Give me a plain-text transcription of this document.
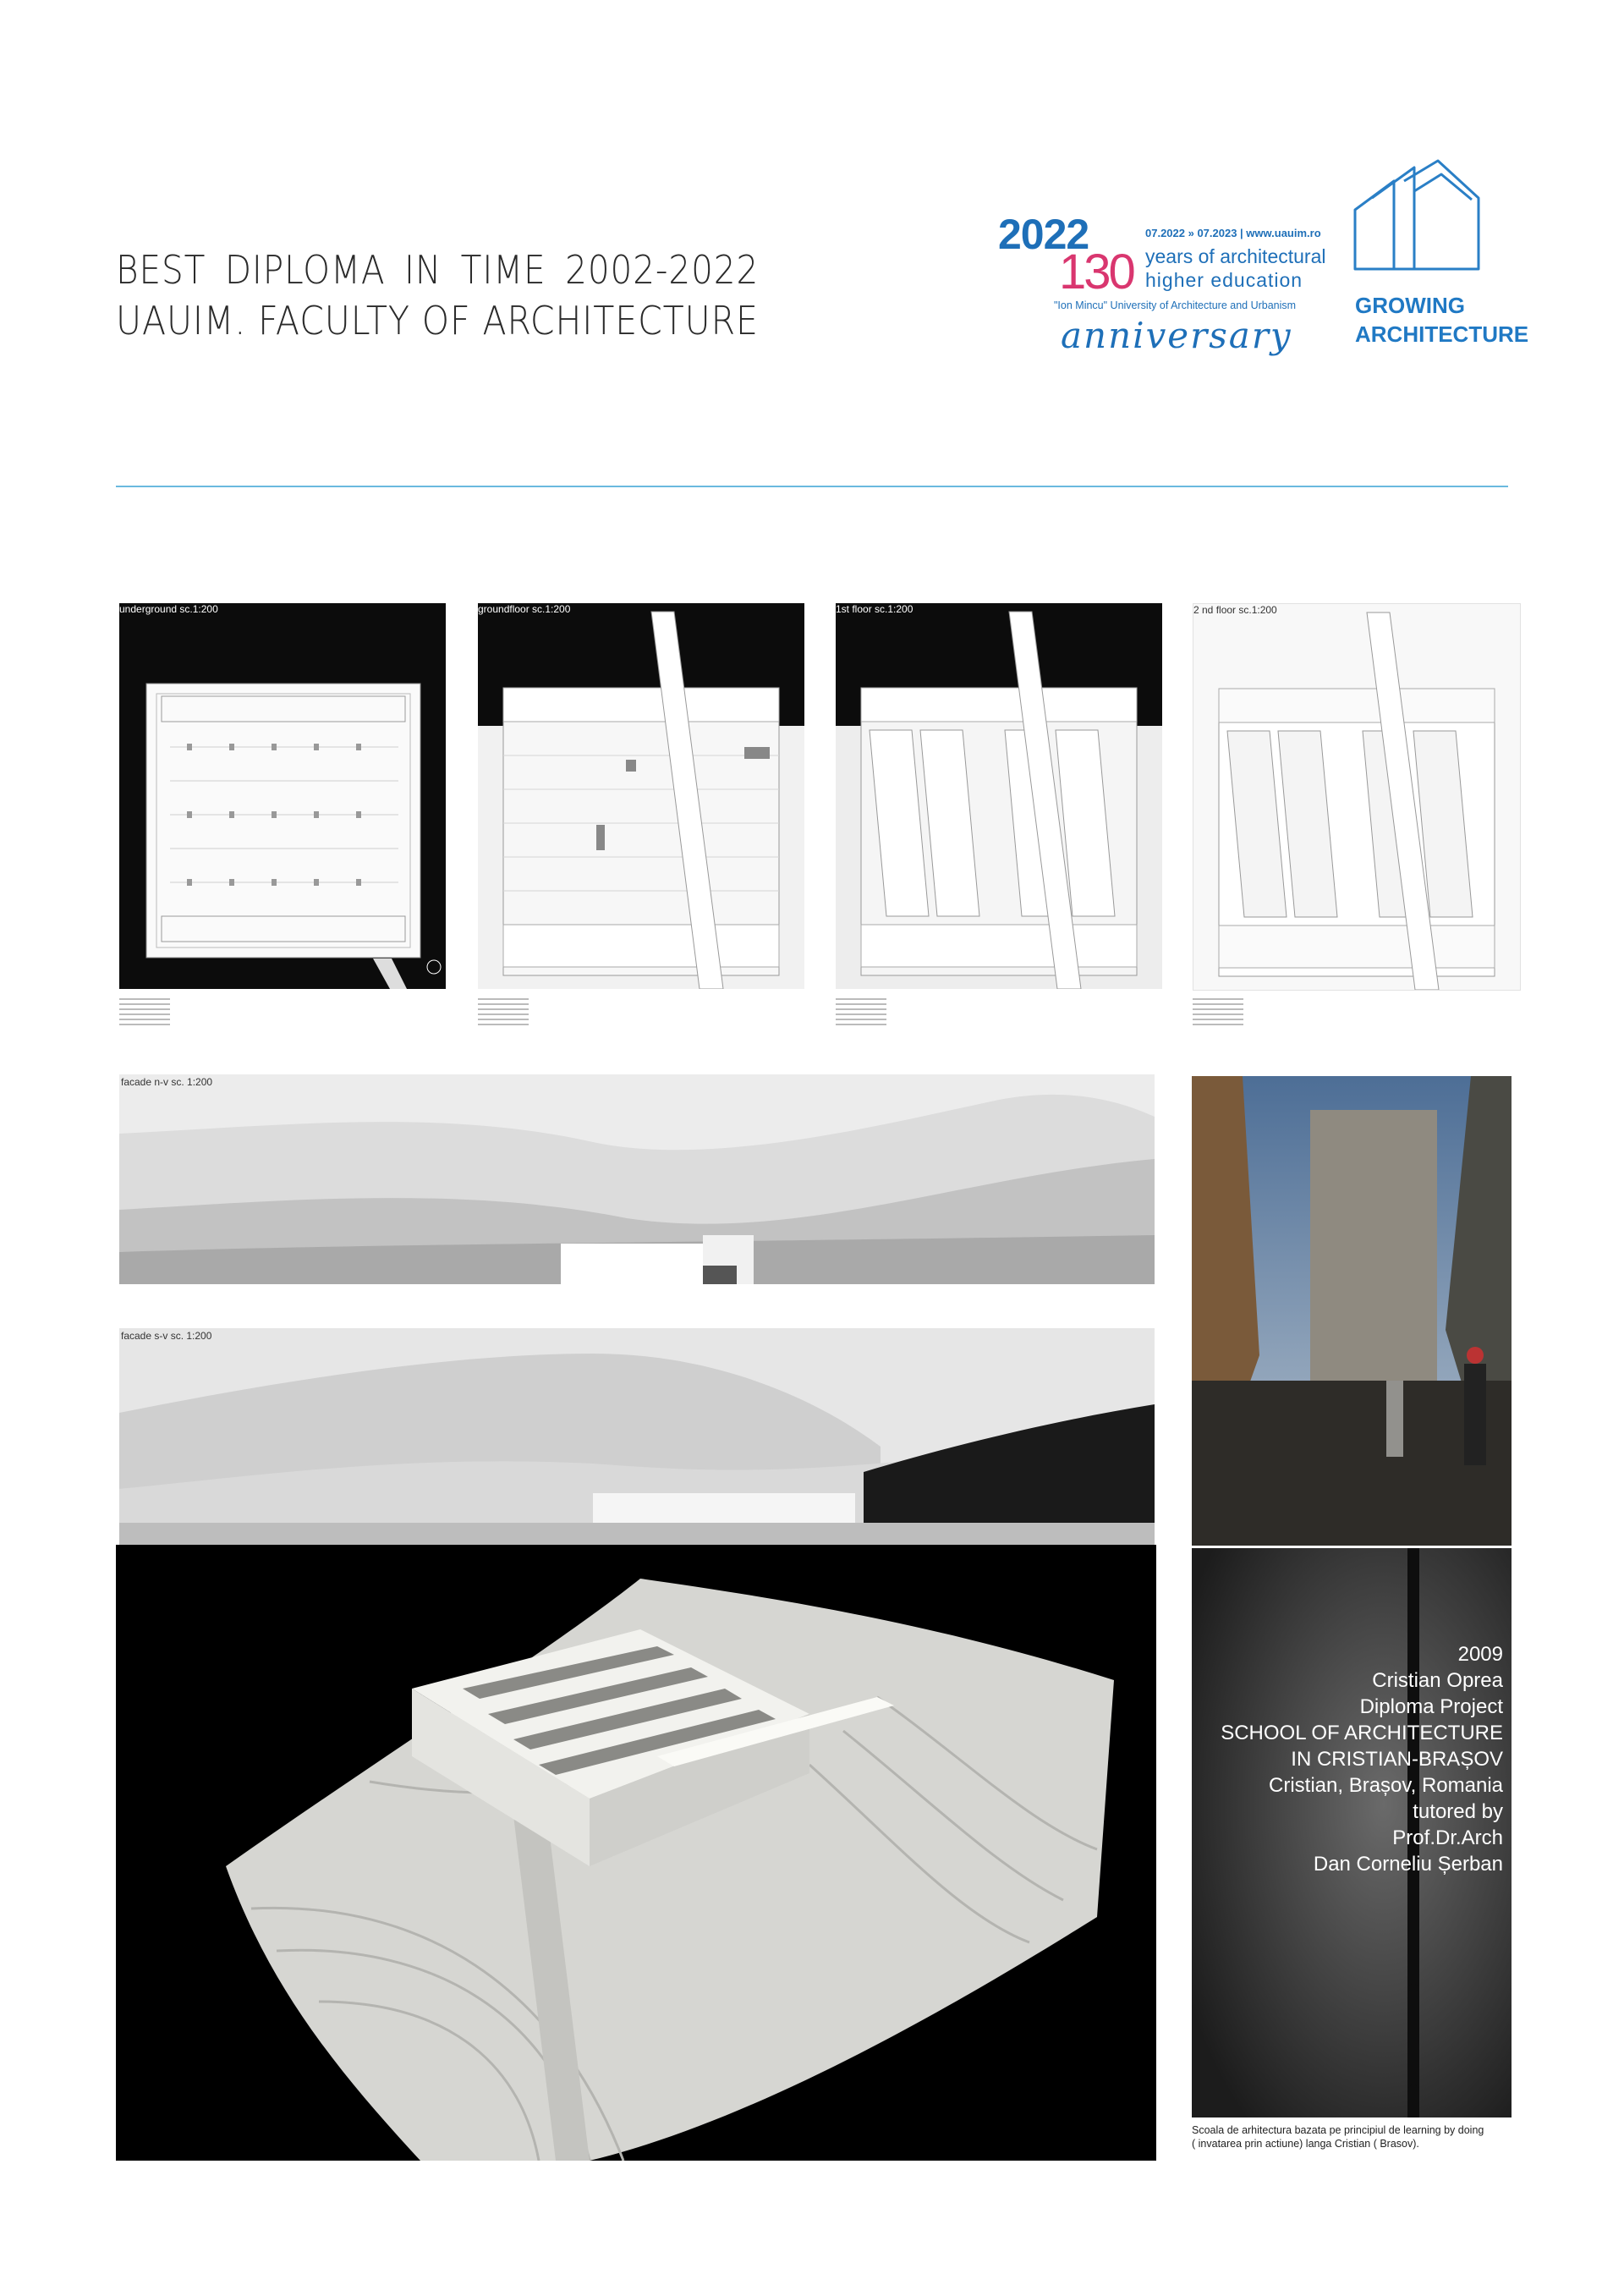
BEST DIPLOMA IN TIME 2002-2022
UAUIM. FACULTY OF ARCHITECTURE
2022
130
07.2022 » 07.2023 | www.uauim.ro
years of architectural
higher education
"Ion Mincu" University of Architecture and Urbanism
anniversary
GROWING
ARCHITECTURE
underground sc.1:200	groundfloor sc.1:200	1st floor sc.1:200	2 nd floor sc.1:200
facade n-v sc. 1:200
facade s-v sc. 1:200
2009
Cristian Oprea
Diploma Project
SCHOOL OF ARCHITECTURE
IN CRISTIAN-BRAȘOV
Cristian, Brașov, Romania
tutored by
Prof.Dr.Arch
Dan Corneliu Șerban
Scoala de arhitectura bazata pe principiul de learning by doing
( invatarea prin actiune) langa Cristian ( Brasov).
